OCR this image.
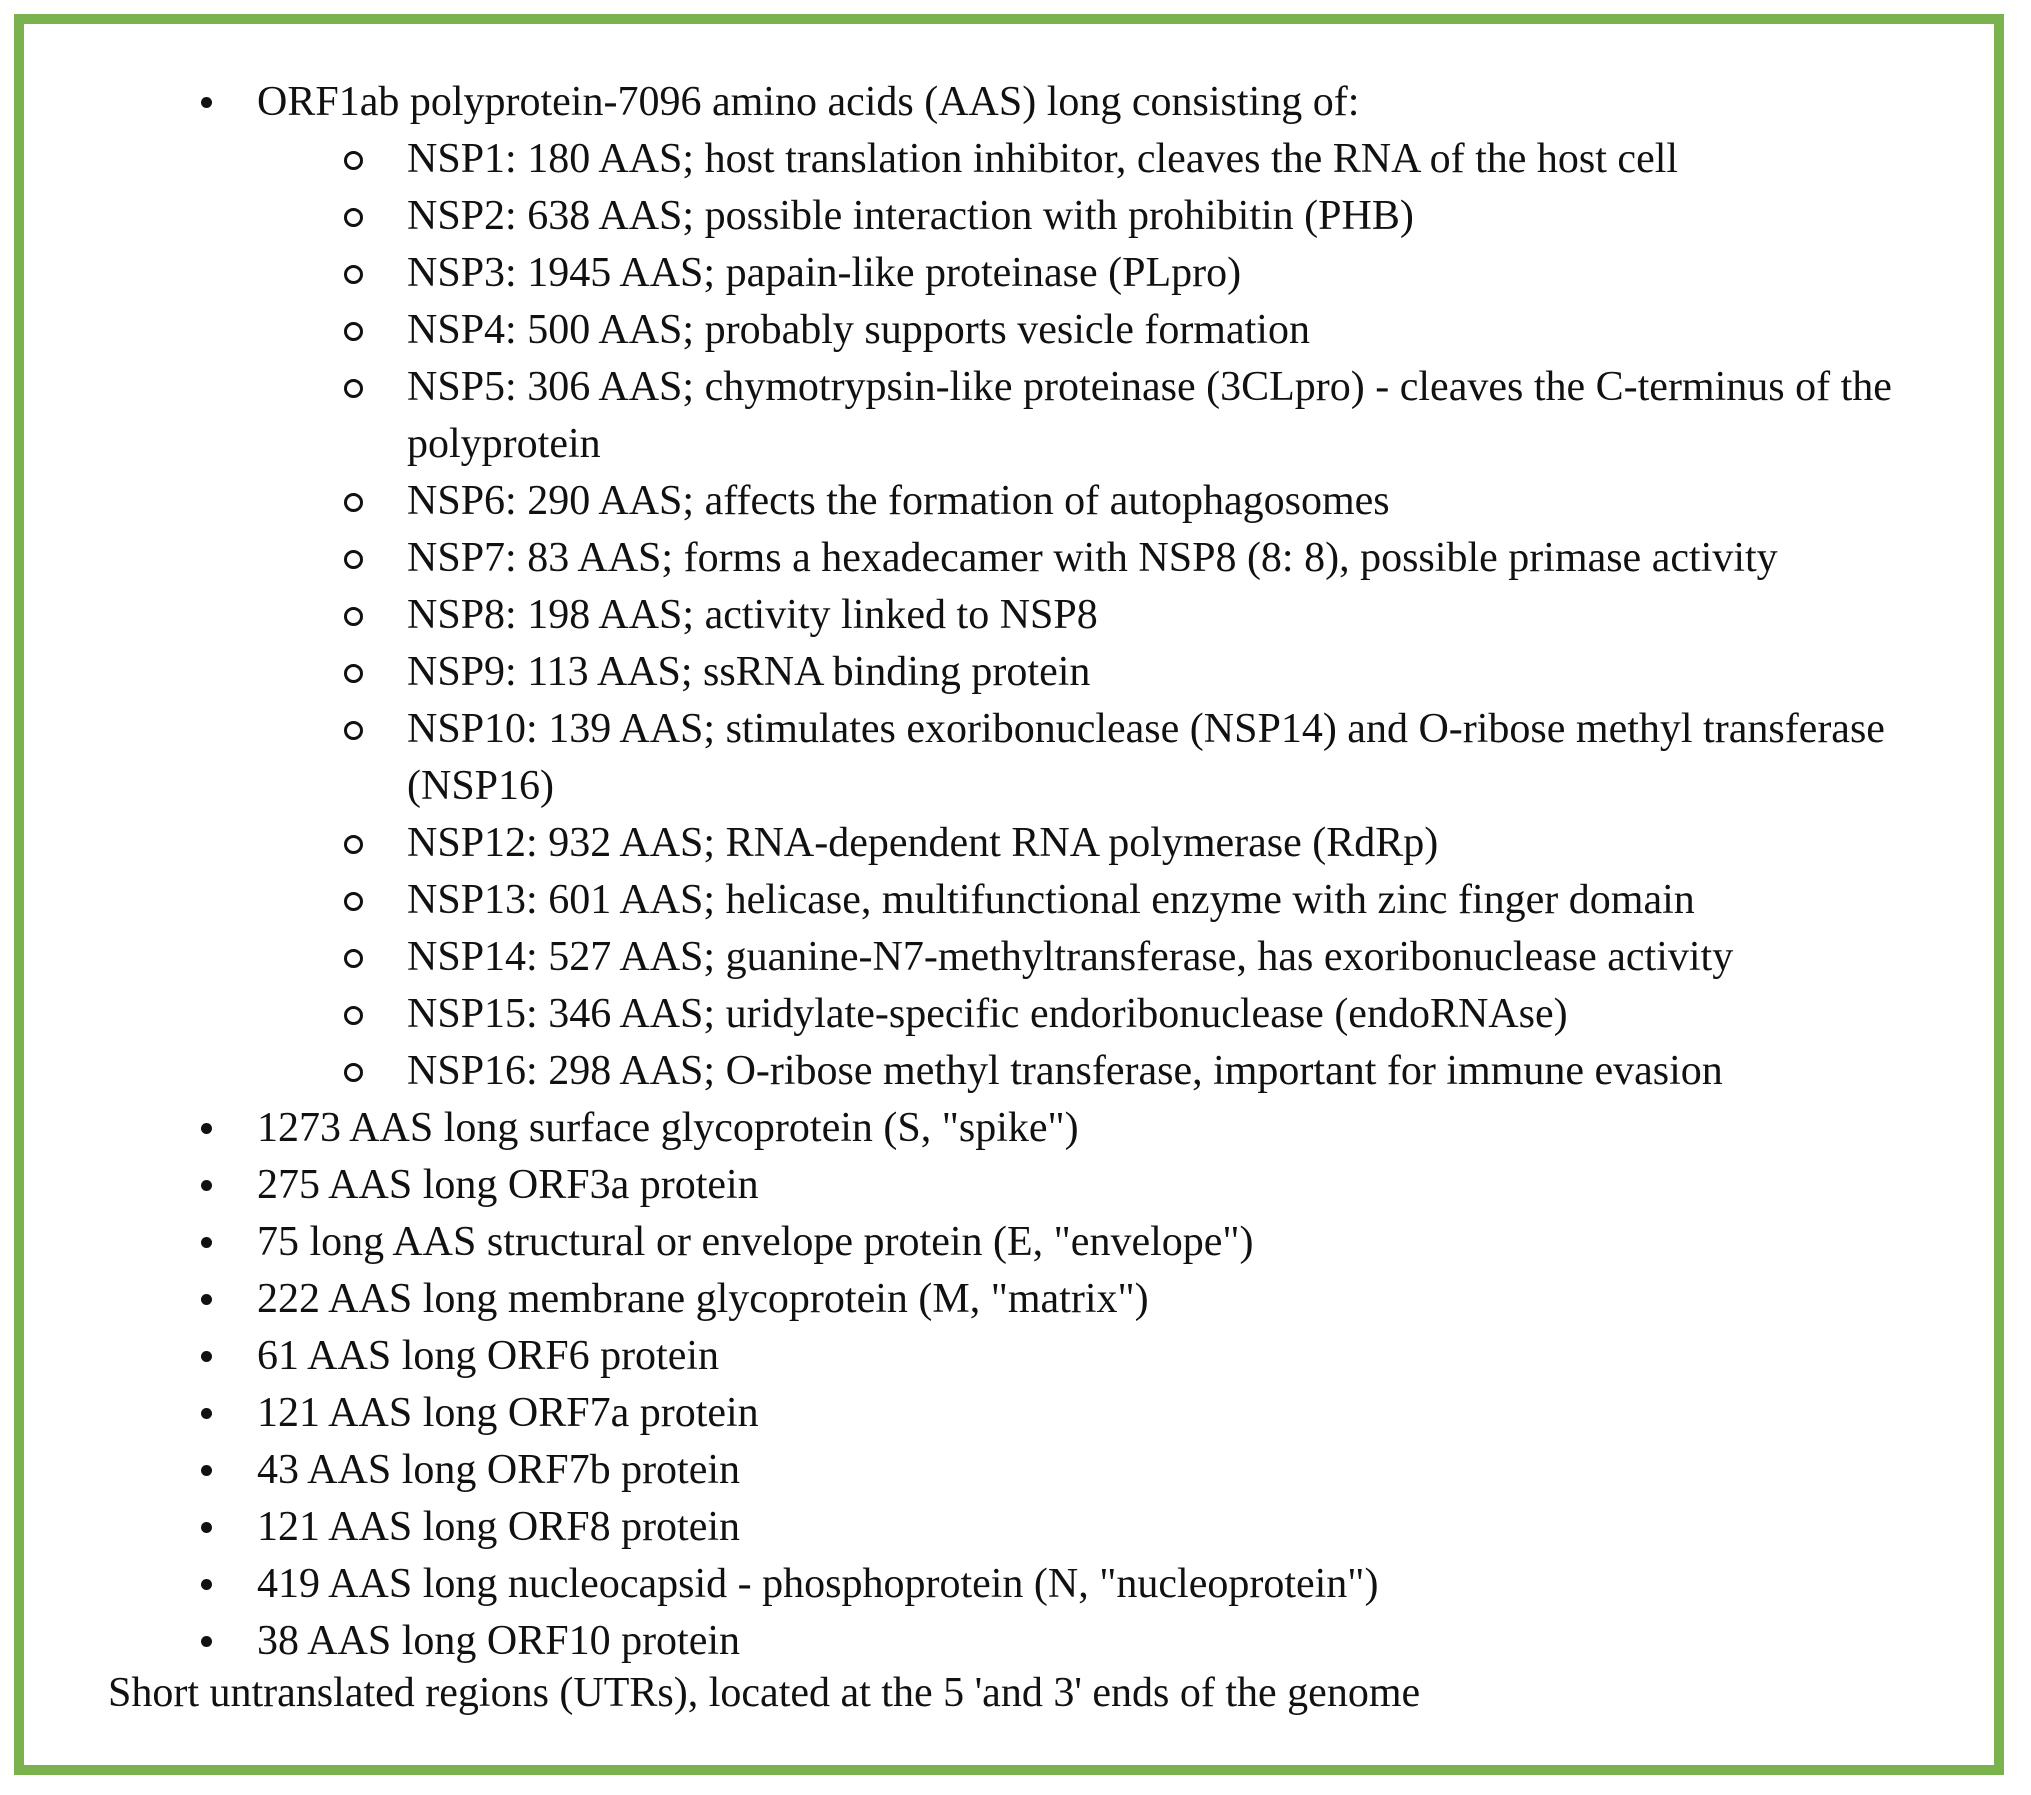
ORF1ab polyprotein-7096 amino acids (AAS) long consisting of:
NSP1: 180 AAS; host translation inhibitor, cleaves the RNA of the host cell
NSP2: 638 AAS; possible interaction with prohibitin (PHB)
NSP3: 1945 AAS; papain-like proteinase (PLpro)
NSP4: 500 AAS; probably supports vesicle formation
NSP5: 306 AAS; chymotrypsin-like proteinase (3CLpro) - cleaves the C-terminus of the polyprotein
NSP6: 290 AAS; affects the formation of autophagosomes
NSP7: 83 AAS; forms a hexadecamer with NSP8 (8: 8), possible primase activity
NSP8: 198 AAS; activity linked to NSP8
NSP9: 113 AAS; ssRNA binding protein
NSP10: 139 AAS; stimulates exoribonuclease (NSP14) and O-ribose methyl transferase (NSP16)
NSP12: 932 AAS; RNA-dependent RNA polymerase (RdRp)
NSP13: 601 AAS; helicase, multifunctional enzyme with zinc finger domain
NSP14: 527 AAS; guanine-N7-methyltransferase, has exoribonuclease activity
NSP15: 346 AAS; uridylate-specific endoribonuclease (endoRNAse)
NSP16: 298 AAS; O-ribose methyl transferase, important for immune evasion
1273 AAS long surface glycoprotein (S, "spike")
275 AAS long ORF3a protein
75 long AAS structural or envelope protein (E, "envelope")
222 AAS long membrane glycoprotein (M, "matrix")
61 AAS long ORF6 protein
121 AAS long ORF7a protein
43 AAS long ORF7b protein
121 AAS long ORF8 protein
419 AAS long nucleocapsid - phosphoprotein (N, "nucleoprotein")
38 AAS long ORF10 protein
Short untranslated regions (UTRs), located at the 5 'and 3' ends of the genome
